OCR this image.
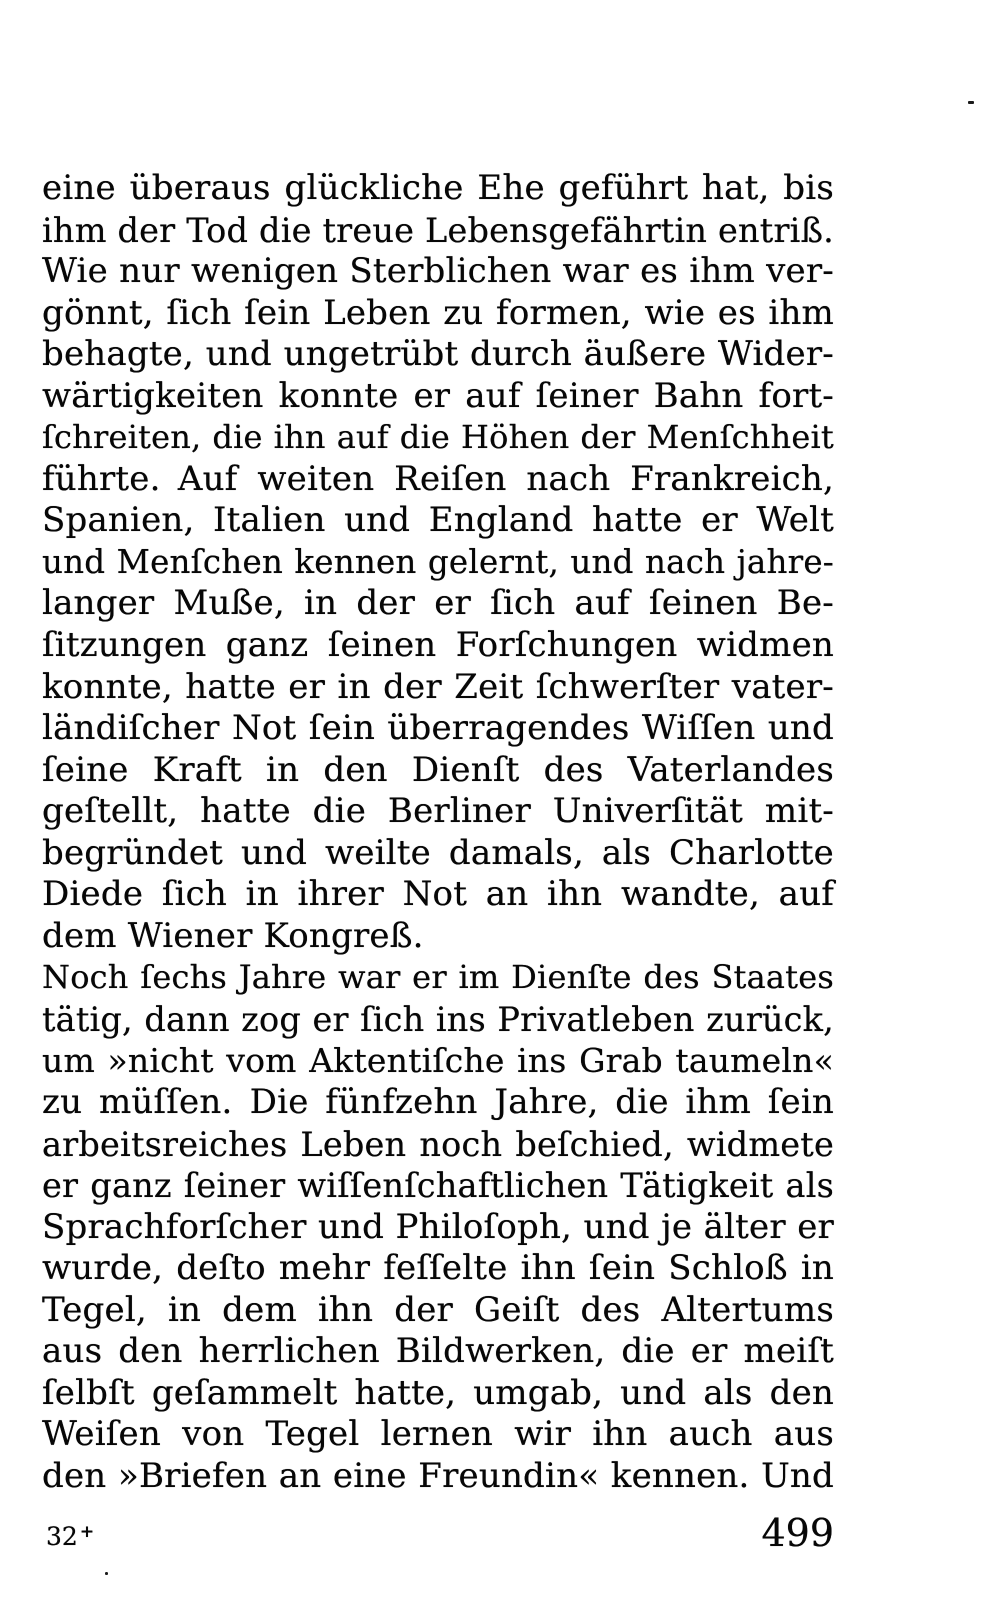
eine überaus glückliche Ehe geführt hat, bis
ihm der Tod die treue Lebensgefährtin entriß.
Wie nur wenigen Sterblichen war es ihm ver-
gönnt, ſich ſein Leben zu formen, wie es ihm
behagte, und ungetrübt durch äußere Wider-
wärtigkeiten konnte er auf ſeiner Bahn fort-
ſchreiten, die ihn auf die Höhen der Menſchheit
führte. Auf weiten Reiſen nach Frankreich,
Spanien, Italien und England hatte er Welt
und Menſchen kennen gelernt, und nach jahre-
langer Muße, in der er ſich auf ſeinen Be-
ſitzungen ganz ſeinen Forſchungen widmen
konnte, hatte er in der Zeit ſchwerſter vater-
ländiſcher Not ſein überragendes Wiſſen und
ſeine Kraft in den Dienſt des Vaterlandes
geſtellt, hatte die Berliner Univerſität mit-
begründet und weilte damals, als Charlotte
Diede ſich in ihrer Not an ihn wandte, auf
dem Wiener Kongreß.
Noch ſechs Jahre war er im Dienſte des Staates
tätig, dann zog er ſich ins Privatleben zurück,
um »nicht vom Aktentiſche ins Grab taumeln«
zu müſſen. Die fünfzehn Jahre, die ihm ſein
arbeitsreiches Leben noch beſchied, widmete
er ganz ſeiner wiſſenſchaftlichen Tätigkeit als
Sprachforſcher und Philoſoph, und je älter er
wurde, deſto mehr feſſelte ihn ſein Schloß in
Tegel, in dem ihn der Geiſt des Altertums
aus den herrlichen Bildwerken, die er meiſt
ſelbſt geſammelt hatte, umgab, und als den
Weiſen von Tegel lernen wir ihn auch aus
den »Briefen an eine Freundin« kennen. Und
32 +	499
